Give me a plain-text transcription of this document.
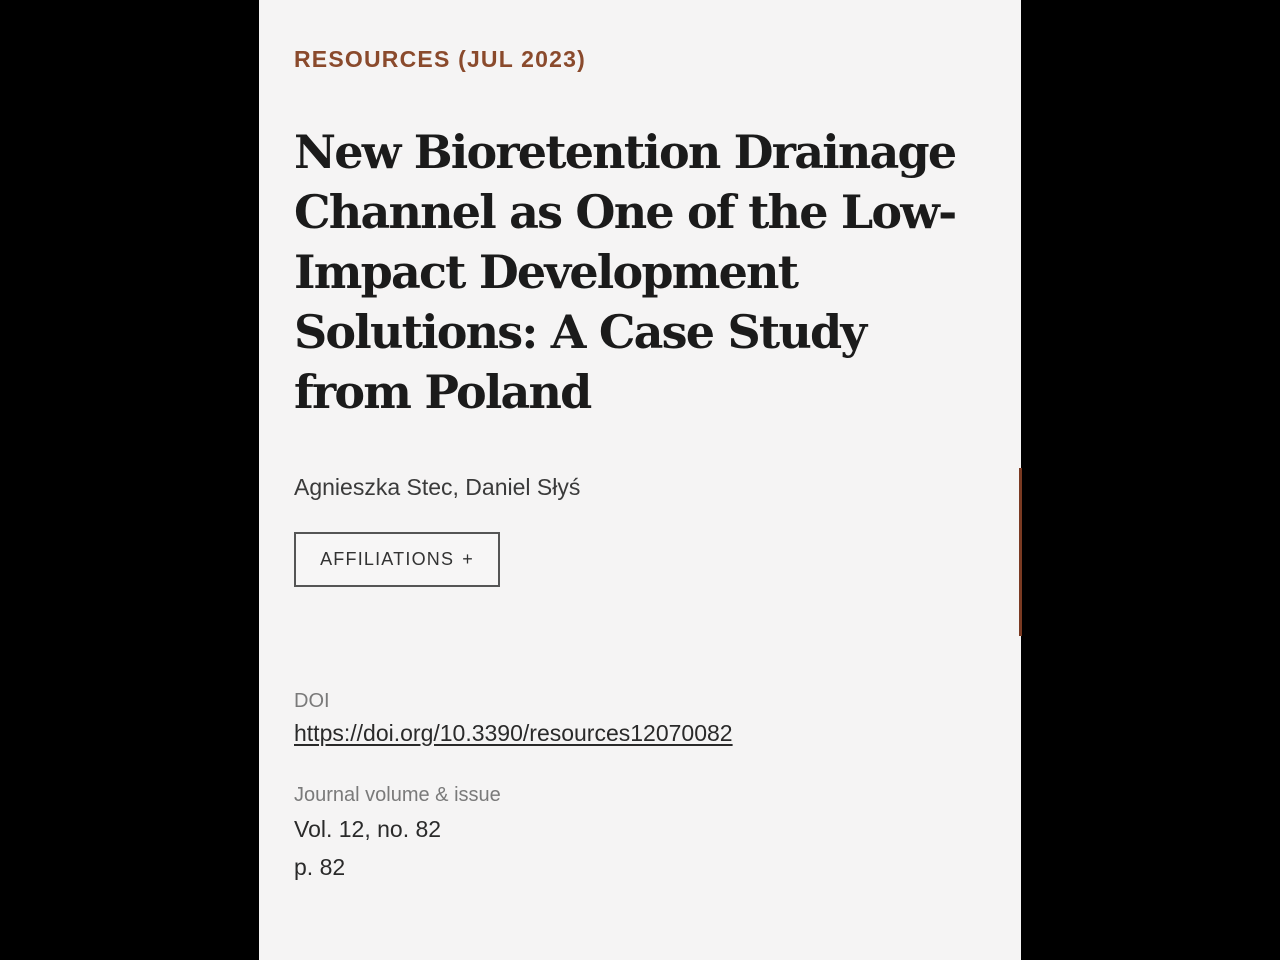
RESOURCES (JUL 2023)
New Bioretention Drainage Channel as One of the Low-Impact Development Solutions: A Case Study from Poland
Agnieszka Stec, Daniel Słyś
AFFILIATIONS +
DOI
https://doi.org/10.3390/resources12070082
Journal volume & issue
Vol. 12, no. 82
p. 82
